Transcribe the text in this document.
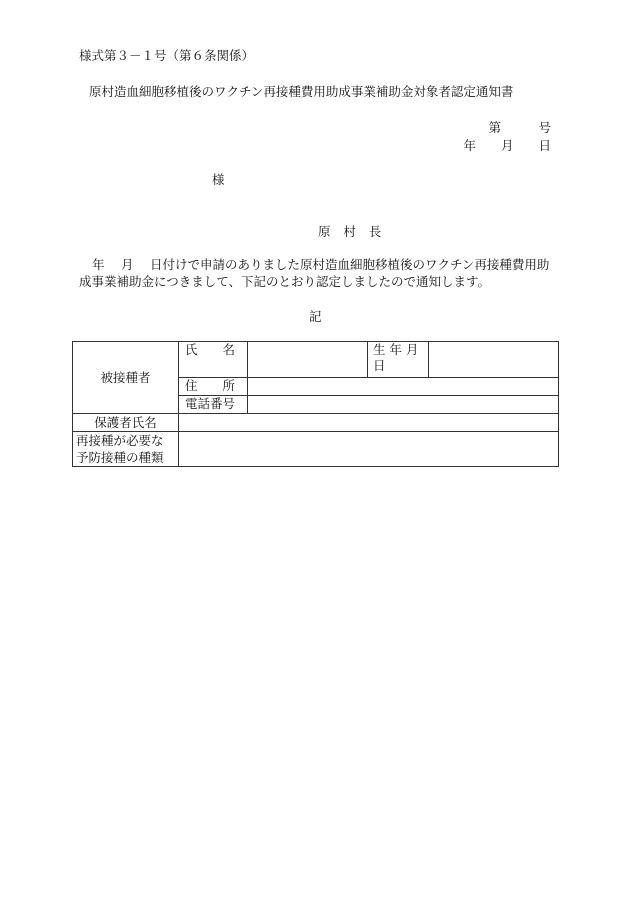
様式第３－１号（第６条関係）
原村造血細胞移植後のワクチン再接種費用助成事業補助金対象者認定通知書
第　　　号
年　　月　　日
様
原　村　長
年　 月　 日付けで申請のありました原村造血細胞移植後のワクチン再接種費用助成事業補助金につきまして、下記のとおり認定しましたので通知します。
記
被接種者	氏　　名		生 年 月日	
	住　　所			
	電話番号			
保護者氏名				
再接種が必要な予防接種の種類				
